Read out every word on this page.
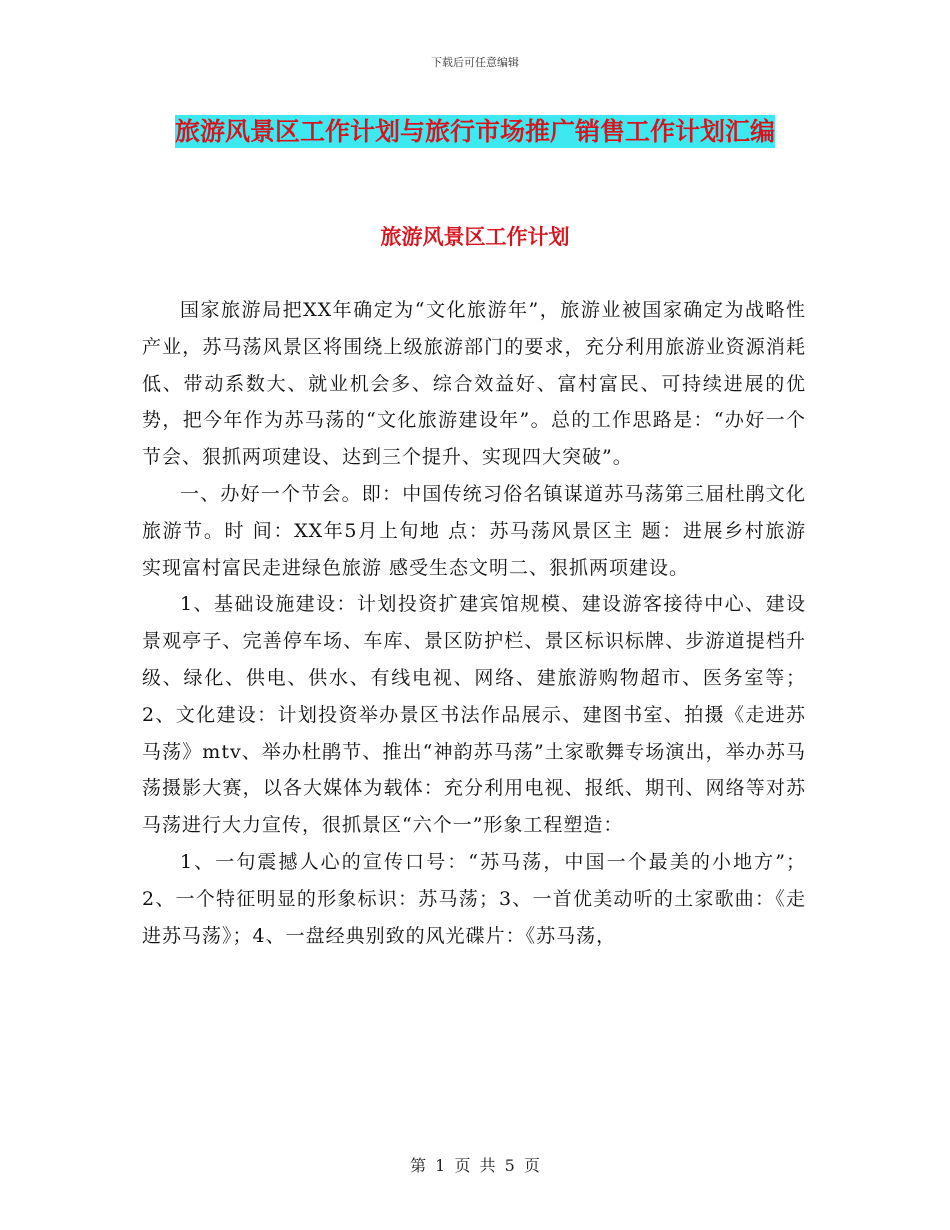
下载后可任意编辑
旅游风景区工作计划与旅行市场推广销售工作计划汇编
旅游风景区工作计划

国家旅游局把XX年确定为“文化旅游年”，旅游业被国家确定为战略性产业，苏马荡风景区将围绕上级旅游部门的要求，充分利用旅游业资源消耗低、带动系数大、就业机会多、综合效益好、富村富民、可持续进展的优势，把今年作为苏马荡的“文化旅游建设年”。总的工作思路是：“办好一个节会、狠抓两项建设、达到三个提升、实现四大突破”。

一、办好一个节会。即：中国传统习俗名镇谋道苏马荡第三届杜鹃文化旅游节。时 间：XX年5月上旬地 点：苏马荡风景区主 题：进展乡村旅游 实现富村富民走进绿色旅游 感受生态文明二、狠抓两项建设。

1、基础设施建设：计划投资扩建宾馆规模、建设游客接待中心、建设景观亭子、完善停车场、车库、景区防护栏、景区标识标牌、步游道提档升级、绿化、供电、供水、有线电视、网络、建旅游购物超市、医务室等；2、文化建设：计划投资举办景区书法作品展示、建图书室、拍摄《走进苏马荡》mtv、举办杜鹃节、推出“神韵苏马荡”土家歌舞专场演出，举办苏马荡摄影大赛，以各大媒体为载体：充分利用电视、报纸、期刊、网络等对苏马荡进行大力宣传，很抓景区“六个一”形象工程塑造：

1、一句震撼人心的宣传口号：“苏马荡，中国一个最美的小地方”；2、一个特征明显的形象标识：苏马荡；3、一首优美动听的土家歌曲：《走进苏马荡》；4、一盘经典别致的风光碟片：《苏马荡，

第 1 页 共 5 页
